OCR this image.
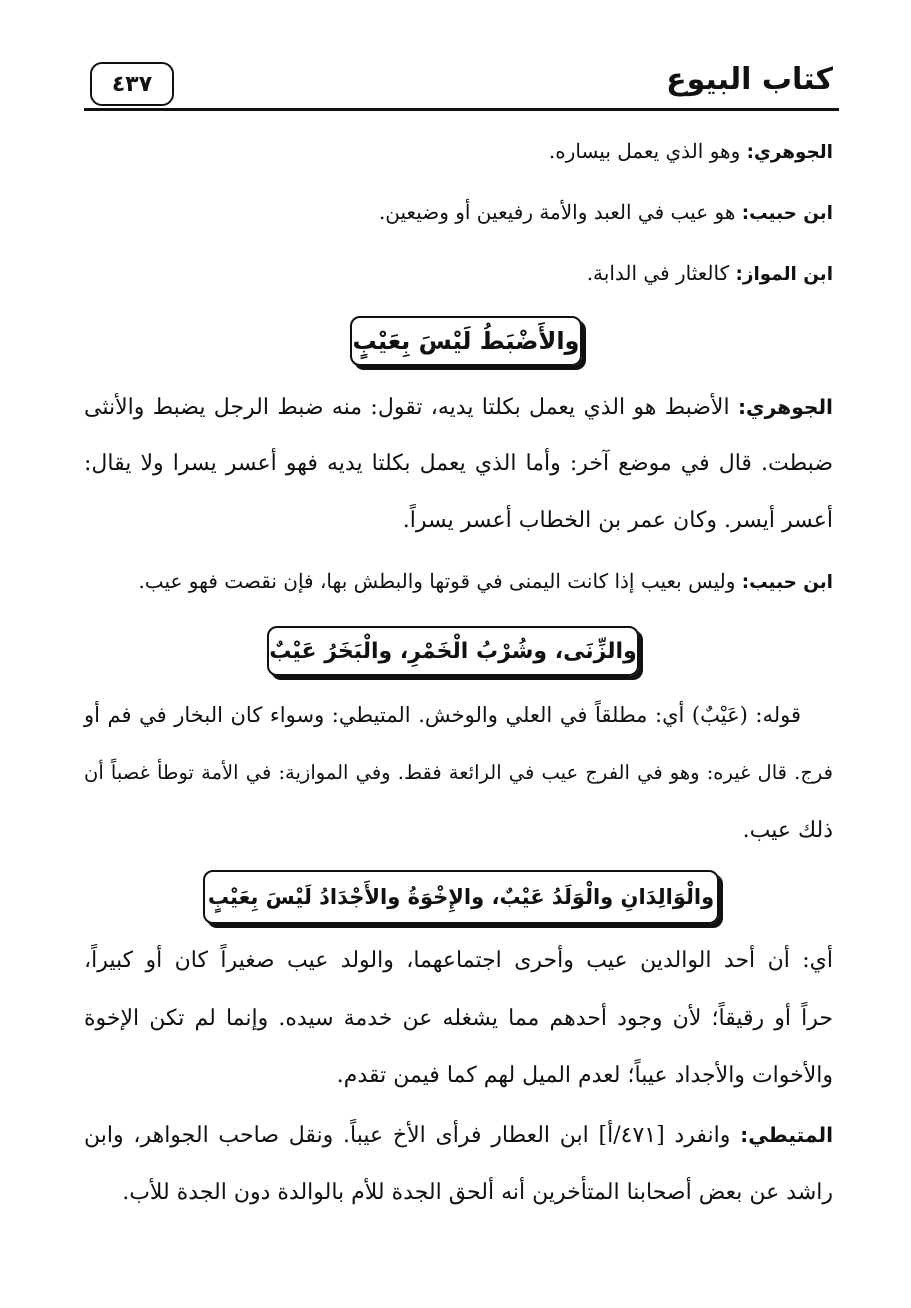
كتاب البيوع
٤٣٧
الجوهري: وهو الذي يعمل بيساره.
ابن حبيب: هو عيب في العبد والأمة رفيعين أو وضيعين.
ابن المواز: كالعثار في الدابة.
والأَضْبَطُ لَيْسَ بِعَيْبٍ
الجوهري: الأضبط هو الذي يعمل بكلتا يديه، تقول: منه ضبط الرجل يضبط والأنثى
ضبطت. قال في موضع آخر: وأما الذي يعمل بكلتا يديه فهو أعسر يسرا ولا يقال:
أعسر أيسر. وكان عمر بن الخطاب أعسر يسراً.
ابن حبيب: وليس بعيب إذا كانت اليمنى في قوتها والبطش بها، فإن نقصت فهو عيب.
والزِّنَى، وشُرْبُ الْخَمْرِ، والْبَخَرُ عَيْبٌ
قوله: (عَيْبٌ) أي: مطلقاً في العلي والوخش. المتيطي: وسواء كان البخار في فم أو
فرج. قال غيره: وهو في الفرج عيب في الرائعة فقط. وفي الموازية: في الأمة توطأ غصباً أن
ذلك عيب.
والْوَالِدَانِ والْوَلَدُ عَيْبٌ، والإِخْوَةُ والأَجْدَادُ لَيْسَ بِعَيْبٍ
أي: أن أحد الوالدين عيب وأحرى اجتماعهما، والولد عيب صغيراً كان أو كبيراً،
حراً أو رقيقاً؛ لأن وجود أحدهم مما يشغله عن خدمة سيده. وإنما لم تكن الإخوة
والأخوات والأجداد عيباً؛ لعدم الميل لهم كما فيمن تقدم.
المتيطي: وانفرد [٤٧١/أ] ابن العطار فرأى الأخ عيباً. ونقل صاحب الجواهر، وابن
راشد عن بعض أصحابنا المتأخرين أنه ألحق الجدة للأم بالوالدة دون الجدة للأب.
